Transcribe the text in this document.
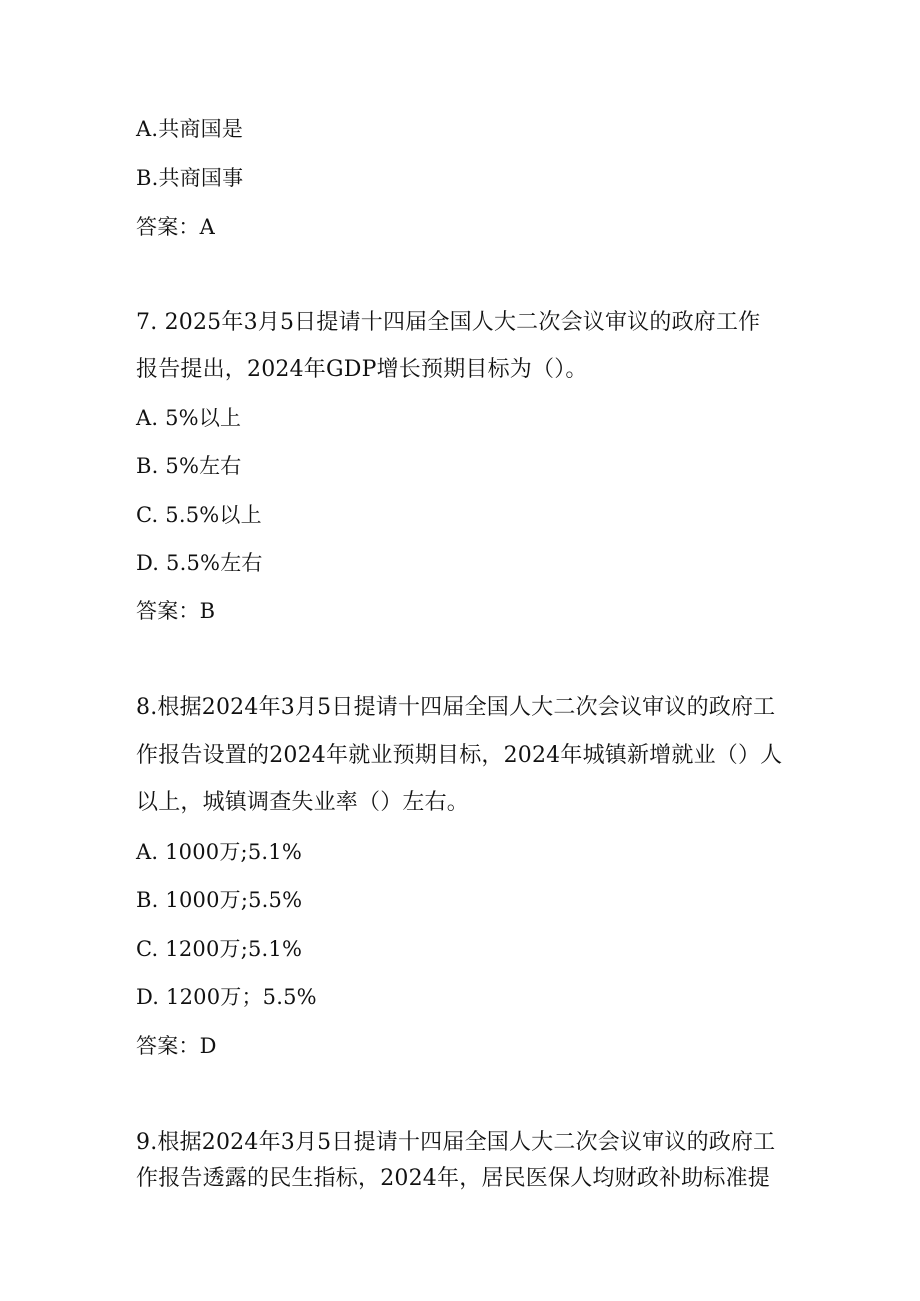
A.共商国是
B.共商国事
答案：A
7. 2025年3月5日提请十四届全国人大二次会议审议的政府工作
报告提出，2024年GDP增长预期目标为（）。
A. 5%以上
B. 5%左右
C. 5.5%以上
D. 5.5%左右
答案：B
8.根据2024年3月5日提请十四届全国人大二次会议审议的政府工
作报告设置的2024年就业预期目标，2024年城镇新增就业（）人
以上，城镇调查失业率（）左右。
A. 1000万;5.1%
B. 1000万;5.5%
C. 1200万;5.1%
D. 1200万；5.5%
答案：D
9.根据2024年3月5日提请十四届全国人大二次会议审议的政府工
作报告透露的民生指标，2024年，居民医保人均财政补助标准提
